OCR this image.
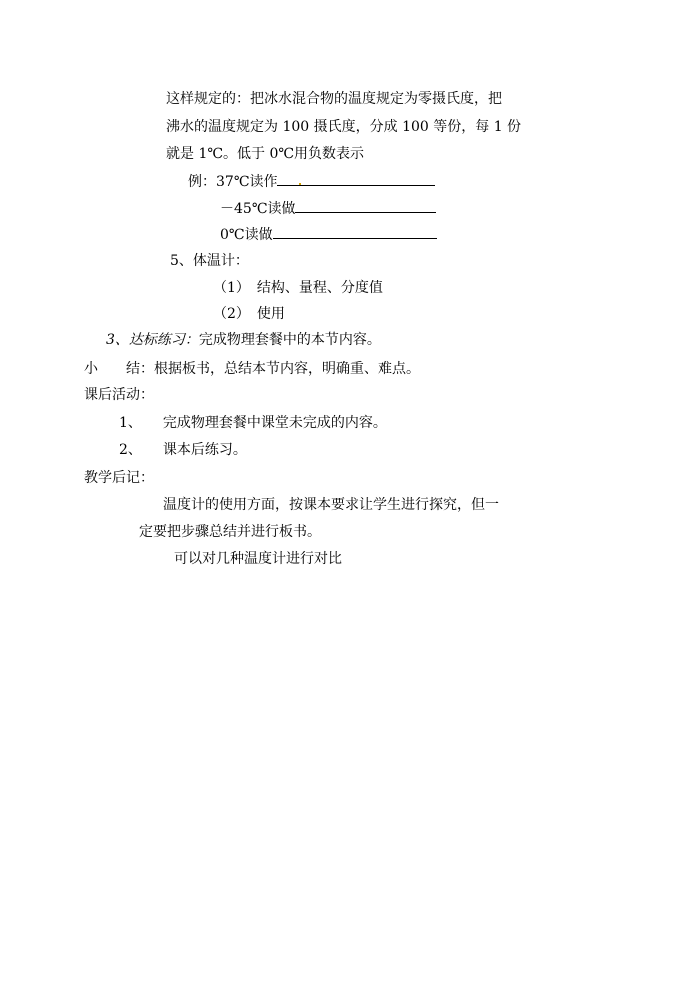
这样规定的：把冰水混合物的温度规定为零摄氏度，把
沸水的温度规定为 100 摄氏度，分成 100 等份，每 1 份
就是 1℃。低于 0℃用负数表示
例：37℃读作
－45℃读做
0℃读做
5、体温计：
（1）　结构、量程、分度值
（2）　使用
3、达标练习：完成物理套餐中的本节内容。
小　　结：根据板书，总结本节内容，明确重、难点。
课后活动：
1、　　完成物理套餐中课堂未完成的内容。
2、　　课本后练习。
教学后记：
温度计的使用方面，按课本要求让学生进行探究，但一
定要把步骤总结并进行板书。
可以对几种温度计进行对比
